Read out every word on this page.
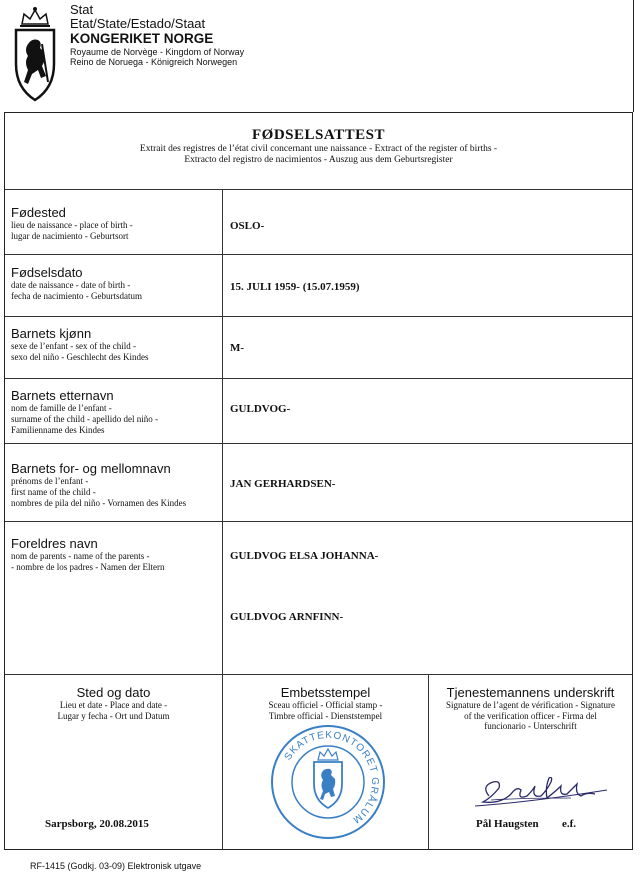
Stat
Etat/State/Estado/Staat
KONGERIKET NORGE
Royaume de Norvège - Kingdom of Norway
Reino de Noruega - Königreich Norwegen
FØDSELSATTEST
Extrait des registres de l’état civil concernant une naissance - Extract of the register of births -
Extracto del registro de nacimientos - Auszug aus dem Geburtsregister
Fødested
lieu de naissance - place of birth -
lugar de nacimiento - Geburtsort
OSLO-
Fødselsdato
date de naissance - date of birth -
fecha de nacimiento - Geburtsdatum
15. JULI 1959- (15.07.1959)
Barnets kjønn
sexe de l’enfant - sex of the child -
sexo del niño - Geschlecht des Kindes
M-
Barnets etternavn
nom de famille de l’enfant -
surname of the child - apellido del niño -
Familienname des Kindes
GULDVOG-
Barnets for- og mellomnavn
prénoms de l’enfant -
first name of the child -
nombres de pila del niño - Vornamen des Kindes
JAN GERHARDSEN-
Foreldres navn
nom de parents - name of the parents -
- nombre de los padres - Namen der Eltern
GULDVOG ELSA JOHANNA-
GULDVOG ARNFINN-
Sted og dato
Lieu et date - Place and date -
Lugar y fecha - Ort und Datum
Sarpsborg, 20.08.2015
Embetsstempel
Sceau officiel - Official stamp -
Timbre official - Dienststempel
SKATTEKONTORET GRÅLUM
Tjenestemannens underskrift
Signature de l’agent de vérification - Signature
of the verification officer - Firma del
funcionario - Unterschrift
Pål Haugsten e.f.
RF-1415 (Godkj. 03-09) Elektronisk utgave
